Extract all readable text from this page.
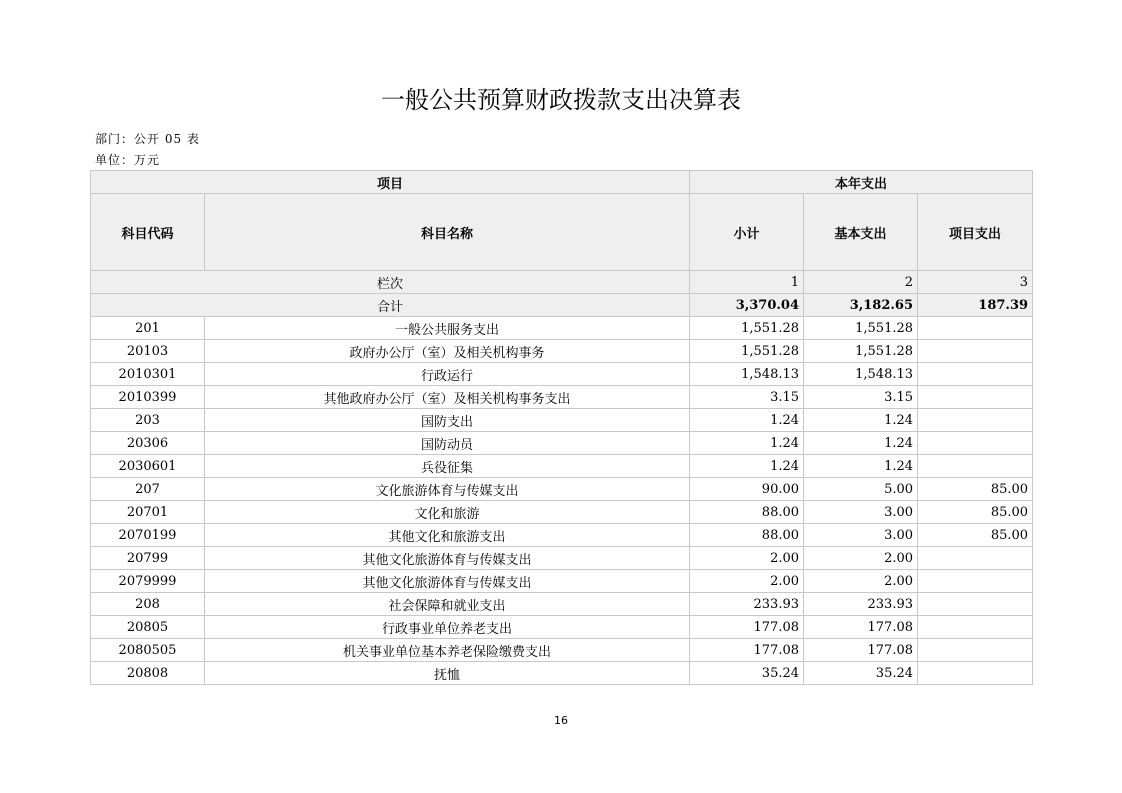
一般公共预算财政拨款支出决算表
部门：公开 05 表
单位：万元
项目		本年支出		
科目代码	科目名称	小计	基本支出	项目支出
栏次		1	2	3
合计		3,370.04	3,182.65	187.39
201	一般公共服务支出	1,551.28	1,551.28	
20103	政府办公厅（室）及相关机构事务	1,551.28	1,551.28	
2010301	行政运行	1,548.13	1,548.13	
2010399	其他政府办公厅（室）及相关机构事务支出	3.15	3.15	
203	国防支出	1.24	1.24	
20306	国防动员	1.24	1.24	
2030601	兵役征集	1.24	1.24	
207	文化旅游体育与传媒支出	90.00	5.00	85.00
20701	文化和旅游	88.00	3.00	85.00
2070199	其他文化和旅游支出	88.00	3.00	85.00
20799	其他文化旅游体育与传媒支出	2.00	2.00	
2079999	其他文化旅游体育与传媒支出	2.00	2.00	
208	社会保障和就业支出	233.93	233.93	
20805	行政事业单位养老支出	177.08	177.08	
2080505	机关事业单位基本养老保险缴费支出	177.08	177.08	
20808	抚恤	35.24	35.24	
16
